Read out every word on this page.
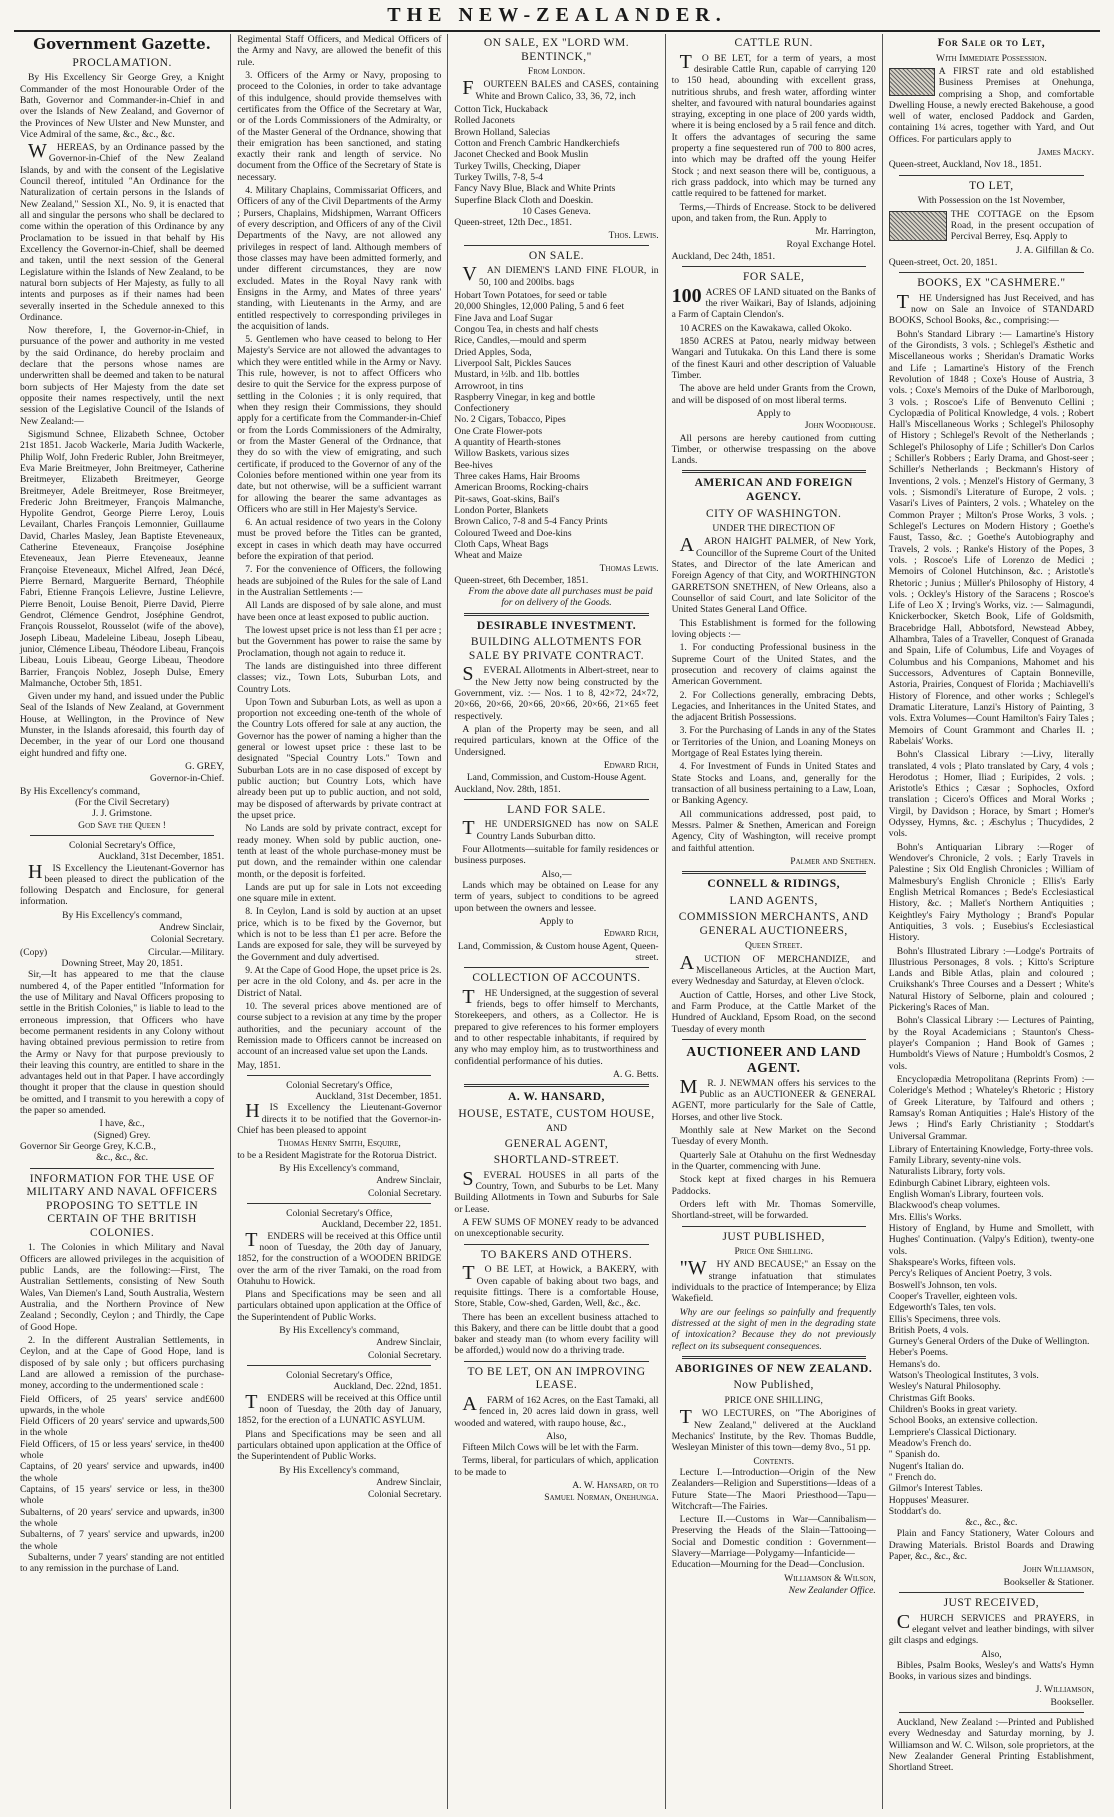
THE NEW-ZEALANDER.
Government Gazette.
PROCLAMATION.

By His Excellency Sir George Grey, a Knight Commander of the most Honourable Order of the Bath, Governor and Commander-in-Chief in and over the Islands of New Zealand, and Governor of the Provinces of New Ulster and New Munster, and Vice Admiral of the same, &c., &c., &c.

WHEREAS, by an Ordinance passed by the Governor-in-Chief of the New Zealand Islands, by and with the consent of the Legislative Council thereof, intituled "An Ordinance for the Naturalization of certain persons in the Islands of New Zealand," Session XI., No. 9, it is enacted that all and singular the persons who shall be declared to come within the operation of this Ordinance by any Proclamation to be issued in that behalf by His Excellency the Governor-in-Chief, shall be deemed and taken, until the next session of the General Legislature within the Islands of New Zealand, to be natural born subjects of Her Majesty, as fully to all intents and purposes as if their names had been severally inserted in the Schedule annexed to this Ordinance.

Now therefore, I, the Governor-in-Chief, in pursuance of the power and authority in me vested by the said Ordinance, do hereby proclaim and declare that the persons whose names are underwritten shall be deemed and taken to be natural born subjects of Her Majesty from the date set opposite their names respectively, until the next session of the Legislative Council of the Islands of New Zealand:—

Sigismund Schnee, Elizabeth Schnee, October 21st 1851. Jacob Wackerle, Maria Judith Wackerle, Philip Wolf, John Frederic Rubler, John Breitmeyer, Eva Marie Breitmeyer, John Breitmeyer, Catherine Breitmeyer, Elizabeth Breitmeyer, George Breitmeyer, Adele Breitmeyer, Rose Breitmeyer, Frederic John Breitmeyer, François Malmanche, Hypolite Gendrot, George Pierre Leroy, Louis Levailant, Charles François Lemonnier, Guillaume David, Charles Masley, Jean Baptiste Eteveneaux, Catherine Eteveneaux, Françoise Joséphine Eteveneaux, Jean Pierre Eteveneaux, Jeanne Françoise Eteveneaux, Michel Alfred, Jean Décé, Pierre Bernard, Marguerite Bernard, Théophile Fabri, Etienne François Lelievre, Justine Lelievre, Pierre Benoit, Louise Benoit, Pierre David, Pierre Gendrot, Clémence Gendrot, Joséphine Gendrot, François Rousselot, Rousselot (wife of the above), Joseph Libeau, Madeleine Libeau, Joseph Libeau, junior, Clémence Libeau, Théodore Libeau, François Libeau, Louis Libeau, George Libeau, Theodore Barrier, François Noblez, Joseph Dulse, Emery Malmanche, October 5th, 1851.

Given under my hand, and issued under the Public Seal of the Islands of New Zealand, at Government House, at Wellington, in the Province of New Munster, in the Islands aforesaid, this fourth day of December, in the year of our Lord one thousand eight hundred and fifty one.

G. GREY,
Governor-in-Chief.
By His Excellency's command,
(For the Civil Secretary)
J. J. Grimstone.
God Save the Queen !
Colonial Secretary's Office,
Auckland, 31st December, 1851.

HIS Excellency the Lieutenant-Governor has been pleased to direct the publication of the following Despatch and Enclosure, for general information.

By His Excellency's command,
Andrew Sinclair,
Colonial Secretary.
(Copy)	Circular.—Military.
Downing Street, May 20, 1851.

Sir,—It has appeared to me that the clause numbered 4, of the Paper entitled "Information for the use of Military and Naval Officers proposing to settle in the British Colonies," is liable to lead to the erroneous impression, that Officers who have become permanent residents in any Colony without having obtained previous permission to retire from the Army or Navy for that purpose previously to their leaving this country, are entitled to share in the advantages held out in that Paper. I have accordingly thought it proper that the clause in question should be omitted, and I transmit to you herewith a copy of the paper so amended.

I have, &c.,
(Signed) Grey.
Governor Sir George Grey, K.C.B.,
&c., &c., &c.
INFORMATION FOR THE USE OF MILITARY AND NAVAL OFFICERS PROPOSING TO SETTLE IN CERTAIN OF THE BRITISH COLONIES.

1. The Colonies in which Military and Naval Officers are allowed privileges in the acquisition of public Lands, are the following:—First, The Australian Settlements, consisting of New South Wales, Van Diemen's Land, South Australia, Western Australia, and the Northern Province of New Zealand ; Secondly, Ceylon ; and Thirdly, the Cape of Good Hope.

2. In the different Australian Settlements, in Ceylon, and at the Cape of Good Hope, land is disposed of by sale only ; but officers purchasing Land are allowed a remission of the purchase-money, according to the undermentioned scale :

Field Officers, of 25 years' service and upwards, in the whole
£600
Field Officers of 20 years' service and upwards, in the whole
500
Field Officers, of 15 or less years' service, in the whole
400
Captains, of 20 years' service and upwards, in the whole
400
Captains, of 15 years' service or less, in the whole
300
Subalterns, of 20 years' service and upwards, in the whole
300
Subalterns, of 7 years' service and upwards, in the whole
200

Subalterns, under 7 years' standing are not entitled to any remission in the purchase of Land.

Regimental Staff Officers, and Medical Officers of the Army and Navy, are allowed the benefit of this rule.

3. Officers of the Army or Navy, proposing to proceed to the Colonies, in order to take advantage of this indulgence, should provide themselves with certificates from the Office of the Secretary at War, or of the Lords Commissioners of the Admiralty, or of the Master General of the Ordnance, showing that their emigration has been sanctioned, and stating exactly their rank and length of service. No document from the Office of the Secretary of State is necessary.

4. Military Chaplains, Commissariat Officers, and Officers of any of the Civil Departments of the Army ; Pursers, Chaplains, Midshipmen, Warrant Officers of every description, and Officers of any of the Civil Departments of the Navy, are not allowed any privileges in respect of land. Although members of those classes may have been admitted formerly, and under different circumstances, they are now excluded. Mates in the Royal Navy rank with Ensigns in the Army, and Mates of three years' standing, with Lieutenants in the Army, and are entitled respectively to corresponding privileges in the acquisition of lands.

5. Gentlemen who have ceased to belong to Her Majesty's Service are not allowed the advantages to which they were entitled while in the Army or Navy. This rule, however, is not to affect Officers who desire to quit the Service for the express purpose of settling in the Colonies ; it is only required, that when they resign their Commissions, they should apply for a certificate from the Commander-in-Chief or from the Lords Commissioners of the Admiralty, or from the Master General of the Ordnance, that they do so with the view of emigrating, and such certificate, if produced to the Governor of any of the Colonies before mentioned within one year from its date, but not otherwise, will be a sufficient warrant for allowing the bearer the same advantages as Officers who are still in Her Majesty's Service.

6. An actual residence of two years in the Colony must be proved before the Titles can be granted, except in cases in which death may have occurred before the expiration of that period.

7. For the convenience of Officers, the following heads are subjoined of the Rules for the sale of Land in the Australian Settlements :—

All Lands are disposed of by sale alone, and must have been once at least exposed to public auction.

The lowest upset price is not less than £1 per acre ; but the Government has power to raise the same by Proclamation, though not again to reduce it.

The lands are distinguished into three different classes; viz., Town Lots, Suburban Lots, and Country Lots.

Upon Town and Suburban Lots, as well as upon a proportion not exceeding one-tenth of the whole of the Country Lots offered for sale at any auction, the Governor has the power of naming a higher than the general or lowest upset price : these last to be designated "Special Country Lots." Town and Suburban Lots are in no case disposed of except by public auction; but Country Lots, which have already been put up to public auction, and not sold, may be disposed of afterwards by private contract at the upset price.

No Lands are sold by private contract, except for ready money. When sold by public auction, one-tenth at least of the whole purchase-money must be put down, and the remainder within one calendar month, or the deposit is forfeited.

Lands are put up for sale in Lots not exceeding one square mile in extent.

8. In Ceylon, Land is sold by auction at an upset price, which is to be fixed by the Governor, but which is not to be less than £1 per acre. Before the Lands are exposed for sale, they will be surveyed by the Government and duly advertised.

9. At the Cape of Good Hope, the upset price is 2s. per acre in the old Colony, and 4s. per acre in the District of Natal.

10. The several prices above mentioned are of course subject to a revision at any time by the proper authorities, and the pecuniary account of the Remission made to Officers cannot be increased on account of an increased value set upon the Lands.

May, 1851.
Colonial Secretary's Office,
Auckland, 31st December, 1851.

HIS Excellency the Lieutenant-Governor directs it to be notified that the Governor-in-Chief has been pleased to appoint

Thomas Henry Smith, Esquire,

to be a Resident Magistrate for the Rotorua District.

By His Excellency's command,
Andrew Sinclair,
Colonial Secretary.
Colonial Secretary's Office,
Auckland, December 22, 1851.

TENDERS will be received at this Office until noon of Tuesday, the 20th day of January, 1852, for the construction of a WOODEN BRIDGE over the arm of the river Tamaki, on the road from Otahuhu to Howick.

Plans and Specifications may be seen and all particulars obtained upon application at the Office of the Superintendent of Public Works.

By His Excellency's command,
Andrew Sinclair,
Colonial Secretary.
Colonial Secretary's Office,
Auckland, Dec. 22nd, 1851.

TENDERS will be received at this Office until noon of Tuesday, the 20th day of January, 1852, for the erection of a LUNATIC ASYLUM.

Plans and Specifications may be seen and all particulars obtained upon application at the Office of the Superintendent of Public Works.

By His Excellency's command,
Andrew Sinclair,
Colonial Secretary.
ON SALE, EX "LORD WM. BENTINCK,"
From London.

FOURTEEN BALES and CASES, containing White and Brown Calico, 33, 36, 72, inch

Cotton Tick, Huckaback
Rolled Jaconets
Brown Holland, Salecias
Cotton and French Cambric Handkerchiefs
Jaconet Checked and Book Muslin
Turkey Twills, Checking, Diaper
Turkey Twills, 7-8, 5-4
Fancy Navy Blue, Black and White Prints
Superfine Black Cloth and Doeskin.
10 Cases Geneva.
Queen-street, 12th Dec., 1851.
Thos. Lewis.
ON SALE.

VAN DIEMEN'S LAND FINE FLOUR, in 50, 100 and 200lbs. bags

Hobart Town Potatoes, for seed or table
20,000 Shingles, 12,000 Paling, 5 and 6 feet
Fine Java and Loaf Sugar
Congou Tea, in chests and half chests
Rice, Candles,—mould and sperm
Dried Apples, Soda,
Liverpool Salt, Pickles Sauces
Mustard, in ½lb. and 1lb. bottles
Arrowroot, in tins
Raspberry Vinegar, in keg and bottle
Confectionery
No. 2 Cigars, Tobacco, Pipes
One Crate Flower-pots
A quantity of Hearth-stones
Willow Baskets, various sizes
Bee-hives
Three cakes Hams, Hair Brooms
American Brooms, Rocking-chairs
Pit-saws, Goat-skins, Bail's
London Porter, Blankets
Brown Calico, 7-8 and 5-4 Fancy Prints
Coloured Tweed and Doe-kins
Cloth Caps, Wheat Bags
Wheat and Maize
Thomas Lewis.
Queen-street, 6th December, 1851.

From the above date all purchases must be paid for on delivery of the Goods.

DESIRABLE INVESTMENT.
BUILDING ALLOTMENTS FOR SALE BY PRIVATE CONTRACT.

SEVERAL Allotments in Albert-street, near to the New Jetty now being constructed by the Government, viz. :— Nos. 1 to 8, 42×72, 24×72, 20×66, 20×66, 20×66, 20×66, 20×66, 21×65 feet respectively.

A plan of the Property may be seen, and all required particulars, known at the Office of the Undersigned.

Edward Rich,
Land, Commission, and Custom-House Agent.
Auckland, Nov. 28th, 1851.
LAND FOR SALE.

THE UNDERSIGNED has now on SALE Country Lands Suburban ditto.

Four Allotments—suitable for family residences or business purposes.

Also,—

Lands which may be obtained on Lease for any term of years, subject to conditions to be agreed upon between the owners and lessee.

Apply to
Edward Rich,
Land, Commission, & Custom house Agent, Queen-street.
COLLECTION OF ACCOUNTS.

THE Undersigned, at the suggestion of several friends, begs to offer himself to Merchants, Storekeepers, and others, as a Collector. He is prepared to give references to his former employers and to other respectable inhabitants, if required by any who may employ him, as to trustworthiness and confidential performance of his duties.

A. G. Betts.
A. W. HANSARD,
HOUSE, ESTATE, CUSTOM HOUSE,
AND
GENERAL AGENT,
SHORTLAND-STREET.

SEVERAL HOUSES in all parts of the Country, Town, and Suburbs to be Let. Many Building Allotments in Town and Suburbs for Sale or Lease.

A FEW SUMS OF MONEY ready to be advanced on unexceptionable security.

TO BAKERS AND OTHERS.

TO BE LET, at Howick, a BAKERY, with Oven capable of baking about two bags, and requisite fittings. There is a comfortable House, Store, Stable, Cow-shed, Garden, Well, &c., &c.

There has been an excellent business attached to this Bakery, and there can be little doubt that a good baker and steady man (to whom every facility will be afforded,) would now do a thriving trade.

TO BE LET, ON AN IMPROVING LEASE.

AFARM of 162 Acres, on the East Tamaki, all fenced in, 20 acres laid down in grass, well wooded and watered, with raupo house, &c.,

Also,

Fifteen Milch Cows will be let with the Farm.

Terms, liberal, for particulars of which, application to be made to

A. W. Hansard, or to
Samuel Norman, Onehunga.
CATTLE RUN.

TO BE LET, for a term of years, a most desirable Cattle Run, capable of carrying 120 to 150 head, abounding with excellent grass, nutritious shrubs, and fresh water, affording winter shelter, and favoured with natural boundaries against straying, excepting in one place of 200 yards width, where it is being enclosed by a 5 rail fence and ditch. It offers the advantages of securing the same property a fine sequestered run of 700 to 800 acres, into which may be drafted off the young Heifer Stock ; and next season there will be, contiguous, a rich grass paddock, into which may be turned any cattle required to be fattened for market.

Terms,—Thirds of Encrease. Stock to be delivered upon, and taken from, the Run. Apply to

Mr. Harrington,
Royal Exchange Hotel.
Auckland, Dec 24th, 1851.
FOR SALE,

100 ACRES OF LAND situated on the Banks of the river Waikari, Bay of Islands, adjoining a Farm of Captain Clendon's.

10 ACRES on the Kawakawa, called Okoko.

1850 ACRES at Patou, nearly midway between Wangari and Tutukaka. On this Land there is some of the finest Kauri and other description of Valuable Timber.

The above are held under Grants from the Crown, and will be disposed of on most liberal terms.

Apply to
John Woodhouse.

All persons are hereby cautioned from cutting Timber, or otherwise trespassing on the above Lands.

AMERICAN AND FOREIGN AGENCY.
CITY OF WASHINGTON.
UNDER THE DIRECTION OF

AARON HAIGHT PALMER, of New York, Councillor of the Supreme Court of the United States, and Director of the late American and Foreign Agency of that City, and WORTHINGTON GARRETSON SNETHEN, of New Orleans, also a Counsellor of said Court, and late Solicitor of the United States General Land Office.

This Establishment is formed for the following loving objects :—

1. For conducting Professional business in the Supreme Court of the United States, and the prosecution and recovery of claims against the American Government.

2. For Collections generally, embracing Debts, Legacies, and Inheritances in the United States, and the adjacent British Possessions.

3. For the Purchasing of Lands in any of the States or Territories of the Union, and Loaning Moneys on Mortgage of Real Estates lying therein.

4. For Investment of Funds in United States and State Stocks and Loans, and, generally for the transaction of all business pertaining to a Law, Loan, or Banking Agency.

All communications addressed, post paid, to Messrs. Palmer & Snethen, American and Foreign Agency, City of Washington, will receive prompt and faithful attention.

Palmer and Snethen.
CONNELL & RIDINGS,
LAND AGENTS,
COMMISSION MERCHANTS, AND GENERAL AUCTIONEERS,
Queen Street.

AUCTION OF MERCHANDIZE, and Miscellaneous Articles, at the Auction Mart, every Wednesday and Saturday, at Eleven o'clock.

Auction of Cattle, Horses, and other Live Stock, and Farm Produce, at the Cattle Market of the Hundred of Auckland, Epsom Road, on the second Tuesday of every month

AUCTIONEER AND LAND AGENT.

MR. J. NEWMAN offers his services to the Public as an AUCTIONEER & GENERAL AGENT, more particularly for the Sale of Cattle, Horses, and other live Stock.

Monthly sale at New Market on the Second Tuesday of every Month.

Quarterly Sale at Otahuhu on the first Wednesday in the Quarter, commencing with June.

Stock kept at fixed charges in his Remuera Paddocks.

Orders left with Mr. Thomas Somerville, Shortland-street, will be forwarded.

JUST PUBLISHED,
Price One Shilling.

"WHY AND BECAUSE;" an Essay on the strange infatuation that stimulates individuals to the practice of Intemperance; by Eliza Wakefield.

Why are our feelings so painfully and frequently distressed at the sight of men in the degrading state of intoxication? Because they do not previously reflect on its subsequent consequences.

ABORIGINES OF NEW ZEALAND.
Now Published,
PRICE ONE SHILLING,

TWO LECTURES, on "The Aborigines of New Zealand," delivered at the Auckland Mechanics' Institute, by the Rev. Thomas Buddle, Wesleyan Minister of this town—demy 8vo., 51 pp.

Contents.

Lecture I.—Introduction—Origin of the New Zealanders—Religion and Superstitions—Ideas of a Future State—The Maori Priesthood—Tapu—Witchcraft—The Fairies.

Lecture II.—Customs in War—Cannibalism—Preserving the Heads of the Slain—Tattooing—Social and Domestic condition : Government—Slavery—Marriage—Polygamy—Infanticide—Education—Mourning for the Dead—Conclusion.

Williamson & Wilson,
New Zealander Office.
For Sale or to Let,
With Immediate Possession.

A FIRST rate and old established Business Premises at Onehunga, comprising a Shop, and comfortable Dwelling House, a newly erected Bakehouse, a good well of water, enclosed Paddock and Garden, containing 1¼ acres, together with Yard, and Out Offices. For particulars apply to

James Macky.
Queen-street, Auckland, Nov 18., 1851.
TO LET,
With Possession on the 1st November,

THE COTTAGE on the Epsom Road, in the present occupation of Percival Berrey, Esq. Apply to

J. A. Gilfillan & Co.
Queen-street, Oct. 20, 1851.
BOOKS, EX "CASHMERE."

THE Undersigned has Just Received, and has now on Sale an Invoice of STANDARD BOOKS, School Books, &c., comprising:—

Bohn's Standard Library :— Lamartine's History of the Girondists, 3 vols. ; Schlegel's Æsthetic and Miscellaneous works ; Sheridan's Dramatic Works and Life ; Lamartine's History of the French Revolution of 1848 ; Coxe's House of Austria, 3 vols. ; Coxe's Memoirs of the Duke of Marlborough, 3 vols. ; Roscoe's Life of Benvenuto Cellini ; Cyclopædia of Political Knowledge, 4 vols. ; Robert Hall's Miscellaneous Works ; Schlegel's Philosophy of History ; Schlegel's Revolt of the Netherlands ; Schlegel's Philosophy of Life ; Schiller's Don Carlos ; Schiller's Robbers ; Early Drama, and Ghost-seer ; Schiller's Netherlands ; Beckmann's History of Inventions, 2 vols. ; Menzel's History of Germany, 3 vols. ; Sismondi's Literature of Europe, 2 vols. ; Vasari's Lives of Painters, 2 vols. ; Whateley on the Common Prayer ; Milton's Prose Works, 3 vols. ; Schlegel's Lectures on Modern History ; Goethe's Faust, Tasso, &c. ; Goethe's Autobiography and Travels, 2 vols. ; Ranke's History of the Popes, 3 vols. ; Roscoe's Life of Lorenzo de Medici ; Memoirs of Colonel Hutchinson, &c. ; Aristotle's Rhetoric ; Junius ; Müller's Philosophy of History, 4 vols. ; Ockley's History of the Saracens ; Roscoe's Life of Leo X ; Irving's Works, viz. :— Salmagundi, Knickerbocker, Sketch Book, Life of Goldsmith, Bracebridge Hall, Abbotsford, Newstead Abbey, Alhambra, Tales of a Traveller, Conquest of Granada and Spain, Life of Columbus, Life and Voyages of Columbus and his Companions, Mahomet and his Successors, Adventures of Captain Bonneville, Astoria, Prairies, Conquest of Florida ; Machiavelli's History of Florence, and other works ; Schlegel's Dramatic Literature, Lanzi's History of Painting, 3 vols. Extra Volumes—Count Hamilton's Fairy Tales ; Memoirs of Count Grammont and Charles II. ; Rabelais' Works.

Bohn's Classical Library :—Livy, literally translated, 4 vols ; Plato translated by Cary, 4 vols ; Herodotus ; Homer, Iliad ; Euripides, 2 vols. ; Aristotle's Ethics ; Cæsar ; Sophocles, Oxford translation ; Cicero's Offices and Moral Works ; Virgil, by Davidson ; Horace, by Smart ; Homer's Odyssey, Hymns, &c. ; Æschylus ; Thucydides, 2 vols.

Bohn's Antiquarian Library :—Roger of Wendover's Chronicle, 2 vols. ; Early Travels in Palestine ; Six Old English Chronicles ; William of Malmesbury's English Chronicle ; Ellis's Early English Metrical Romances ; Bede's Ecclesiastical History, &c. ; Mallet's Northern Antiquities ; Keightley's Fairy Mythology ; Brand's Popular Antiquities, 3 vols. ; Eusebius's Ecclesiastical History.

Bohn's Illustrated Library :—Lodge's Portraits of Illustrious Personages, 8 vols. ; Kitto's Scripture Lands and Bible Atlas, plain and coloured ; Cruikshank's Three Courses and a Dessert ; White's Natural History of Selborne, plain and coloured ; Pickering's Races of Man.

Bohn's Classical Library :— Lectures of Painting, by the Royal Academicians ; Staunton's Chess-player's Companion ; Hand Book of Games ; Humboldt's Views of Nature ; Humboldt's Cosmos, 2 vols.

Encyclopædia Metropolitana (Reprints From) :—Coleridge's Method ; Whateley's Rhetoric ; History of Greek Literature, by Talfourd and others ; Ramsay's Roman Antiquities ; Hale's History of the Jews ; Hind's Early Christianity ; Stoddart's Universal Grammar.

Library of Entertaining Knowledge, Forty-three vols.
Family Library, seventy-nine vols.
Naturalists Library, forty vols.
Edinburgh Cabinet Library, eighteen vols.
English Woman's Library, fourteen vols.
Blackwood's cheap volumes.
Mrs. Ellis's Works.
History of England, by Hume and Smollett, with Hughes' Continuation. (Valpy's Edition), twenty-one vols.
Shakspeare's Works, fifteen vols.
Percy's Reliques of Ancient Poetry, 3 vols.
Boswell's Johnson, ten vols.
Cooper's Traveller, eighteen vols.
Edgeworth's Tales, ten vols.
Ellis's Specimens, three vols.
British Poets, 4 vols.
Gurney's General Orders of the Duke of Wellington.
Heber's Poems.
Hemans's do.
Watson's Theological Institutes, 3 vols.
Wesley's Natural Philosophy.
Christmas Gift Books.
Children's Books in great variety.
School Books, an extensive collection.
Lempriere's Classical Dictionary.
Meadow's French do.
" Spanish do.
Nugent's Italian do.
" French do.
Gilmor's Interest Tables.
Hoppuses' Measurer.
Stoddart's do.
&c., &c., &c.

Plain and Fancy Stationery, Water Colours and Drawing Materials. Bristol Boards and Drawing Paper, &c., &c., &c.

John Williamson,
Bookseller & Stationer.
JUST RECEIVED,

CHURCH SERVICES and PRAYERS, in elegant velvet and leather bindings, with silver gilt clasps and edgings.

Also,

Bibles, Psalm Books, Wesley's and Watts's Hymn Books, in various sizes and bindings.

J. Williamson,
Bookseller.

Auckland, New Zealand :—Printed and Published every Wednesday and Saturday morning, by J. Williamson and W. C. Wilson, sole proprietors, at the New Zealander General Printing Establishment, Shortland Street.
